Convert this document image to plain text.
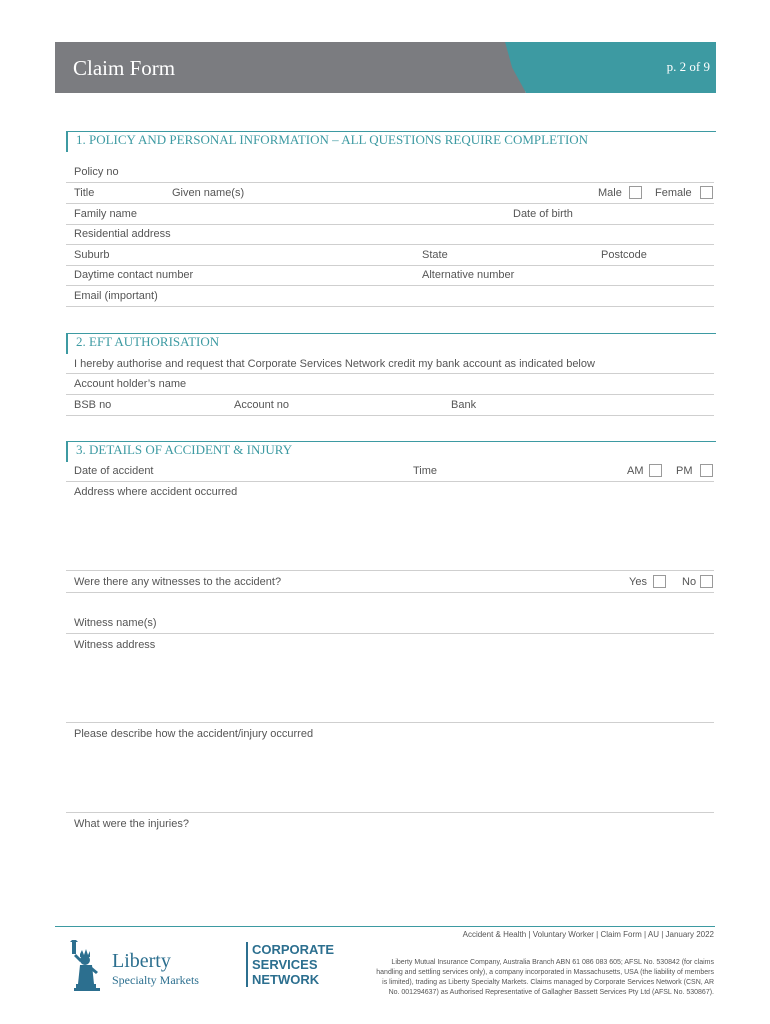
Claim Form	p. 2 of 9
1. POLICY AND PERSONAL INFORMATION – ALL QUESTIONS REQUIRE COMPLETION
Policy no
Title	Given name(s)	Male	Female
Family name	Date of birth
Residential address
Suburb	State	Postcode
Daytime contact number	Alternative number
Email (important)
2. EFT AUTHORISATION
I hereby authorise and request that Corporate Services Network credit my bank account as indicated below
Account holder’s name
BSB no	Account no	Bank
3. DETAILS OF ACCIDENT & INJURY
Date of accident	Time	AM	PM
Address where accident occurred
Were there any witnesses to the accident?	Yes	No
Witness name(s)
Witness address
Please describe how the accident/injury occurred
What were the injuries?
Accident & Health | Voluntary Worker | Claim Form | AU | January 2022
Liberty Mutual Insurance Company, Australia Branch ABN 61 086 083 605; AFSL No. 530842 (for claims
handling and settling services only), a company incorporated in Massachusetts, USA (the liability of members
is limited), trading as Liberty Specialty Markets. Claims managed by Corporate Services Network (CSN, AR
No. 001294637) as Authorised Representative of Gallagher Bassett Services Pty Ltd (AFSL No. 530867).
Liberty
Specialty Markets
CORPORATE
SERVICES
NETWORK
